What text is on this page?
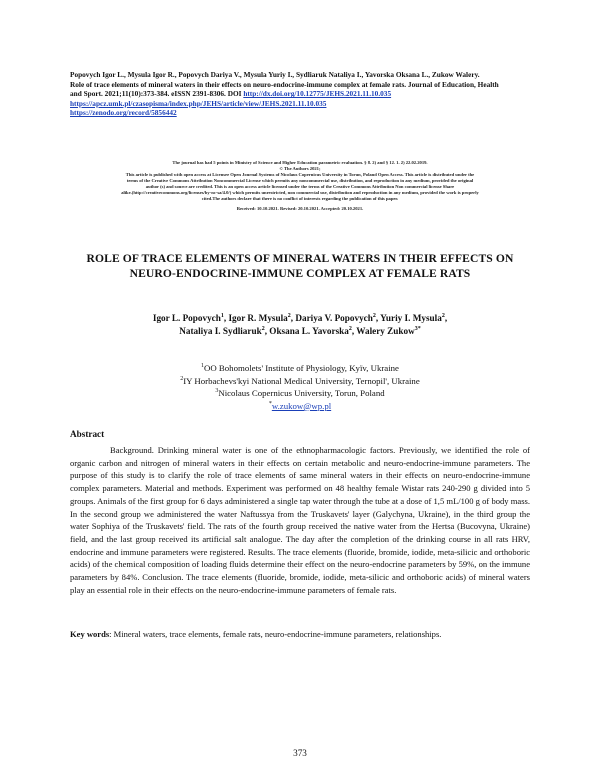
Popovych Igor L., Mysula Igor R., Popovych Dariya V., Mysula Yuriy I., Sydliaruk Nataliya I., Yavorska Oksana L., Zukow Walery.
Role of trace elements of mineral waters in their effects on neuro-endocrine-immune complex at female rats. Journal of Education, Health
and Sport. 2021;11(10):373-384. eISSN 2391-8306. DOI http://dx.doi.org/10.12775/JEHS.2021.11.10.035
https://apcz.umk.pl/czasopisma/index.php/JEHS/article/view/JEHS.2021.11.10.035
https://zenodo.org/record/5856442
The journal has had 5 points in Ministry of Science and Higher Education parametric evaluation. § 8. 2) and § 12. 1. 2) 22.02.2019.
© The Authors 2021;
This article is published with open access at Licensee Open Journal Systems of Nicolaus Copernicus University in Torun, Poland Open Access. This article is distributed under the
terms of the Creative Commons Attribution Noncommercial License which permits any noncommercial use, distribution, and reproduction in any medium, provided the original
author (s) and source are credited. This is an open access article licensed under the terms of the Creative Commons Attribution Non commercial license Share
alike.(http://creativecommons.org/licenses/by-nc-sa/4.0/) which permits unrestricted, non commercial use, distribution and reproduction in any medium, provided the work is properly
cited.The authors declare that there is no conflict of interests regarding the publication of this paper.
Received: 10.10.2021. Revised: 20.10.2021. Accepted: 20.10.2021.
ROLE OF TRACE ELEMENTS OF MINERAL WATERS IN THEIR EFFECTS ON NEURO-ENDOCRINE-IMMUNE COMPLEX AT FEMALE RATS
Igor L. Popovych$^1$, Igor R. Mysula$^2$, Dariya V. Popovych$^2$, Yuriy I. Mysula$^2$,
Nataliya I. Sydliaruk$^2$, Oksana L. Yavorska$^2$, Walery Zukow$^{3*}$
$^1$OO Bohomolets' Institute of Physiology, Kyïv, Ukraine
$^2$IY Horbachevs'kyi National Medical University, Ternopil', Ukraine
$^3$Nicolaus Copernicus University, Torun, Poland
*w.zukow@wp.pl
Abstract
Background. Drinking mineral water is one of the ethnopharmacologic factors. Previously, we identified the role of organic carbon and nitrogen of mineral waters in their effects on certain metabolic and neuro-endocrine-immune parameters. The purpose of this study is to clarify the role of trace elements of same mineral waters in their effects on neuro-endocrine-immune complex parameters. Material and methods. Experiment was performed on 48 healthy female Wistar rats 240-290 g divided into 5 groups. Animals of the first group for 6 days administered a single tap water through the tube at a dose of 1,5 mL/100 g of body mass. In the second group we administered the water Naftussya from the Truskavets' layer (Galychyna, Ukraine), in the third group the water Sophiya of the Truskavets' field. The rats of the fourth group received the native water from the Hertsa (Bucovyna, Ukraine) field, and the last group received its artificial salt analogue. The day after the completion of the drinking course in all rats HRV, endocrine and immune parameters were registered. Results. The trace elements (fluoride, bromide, iodide, meta-silicic and orthoboric acids) of the chemical composition of loading fluids determine their effect on the neuro-endocrine parameters by 59%, on the immune parameters by 84%. Conclusion. The trace elements (fluoride, bromide, iodide, meta-silicic and orthoboric acids) of mineral waters play an essential role in their effects on the neuro-endocrine-immune parameters of female rats.
Key words: Mineral waters, trace elements, female rats, neuro-endocrine-immune parameters, relationships.
373
